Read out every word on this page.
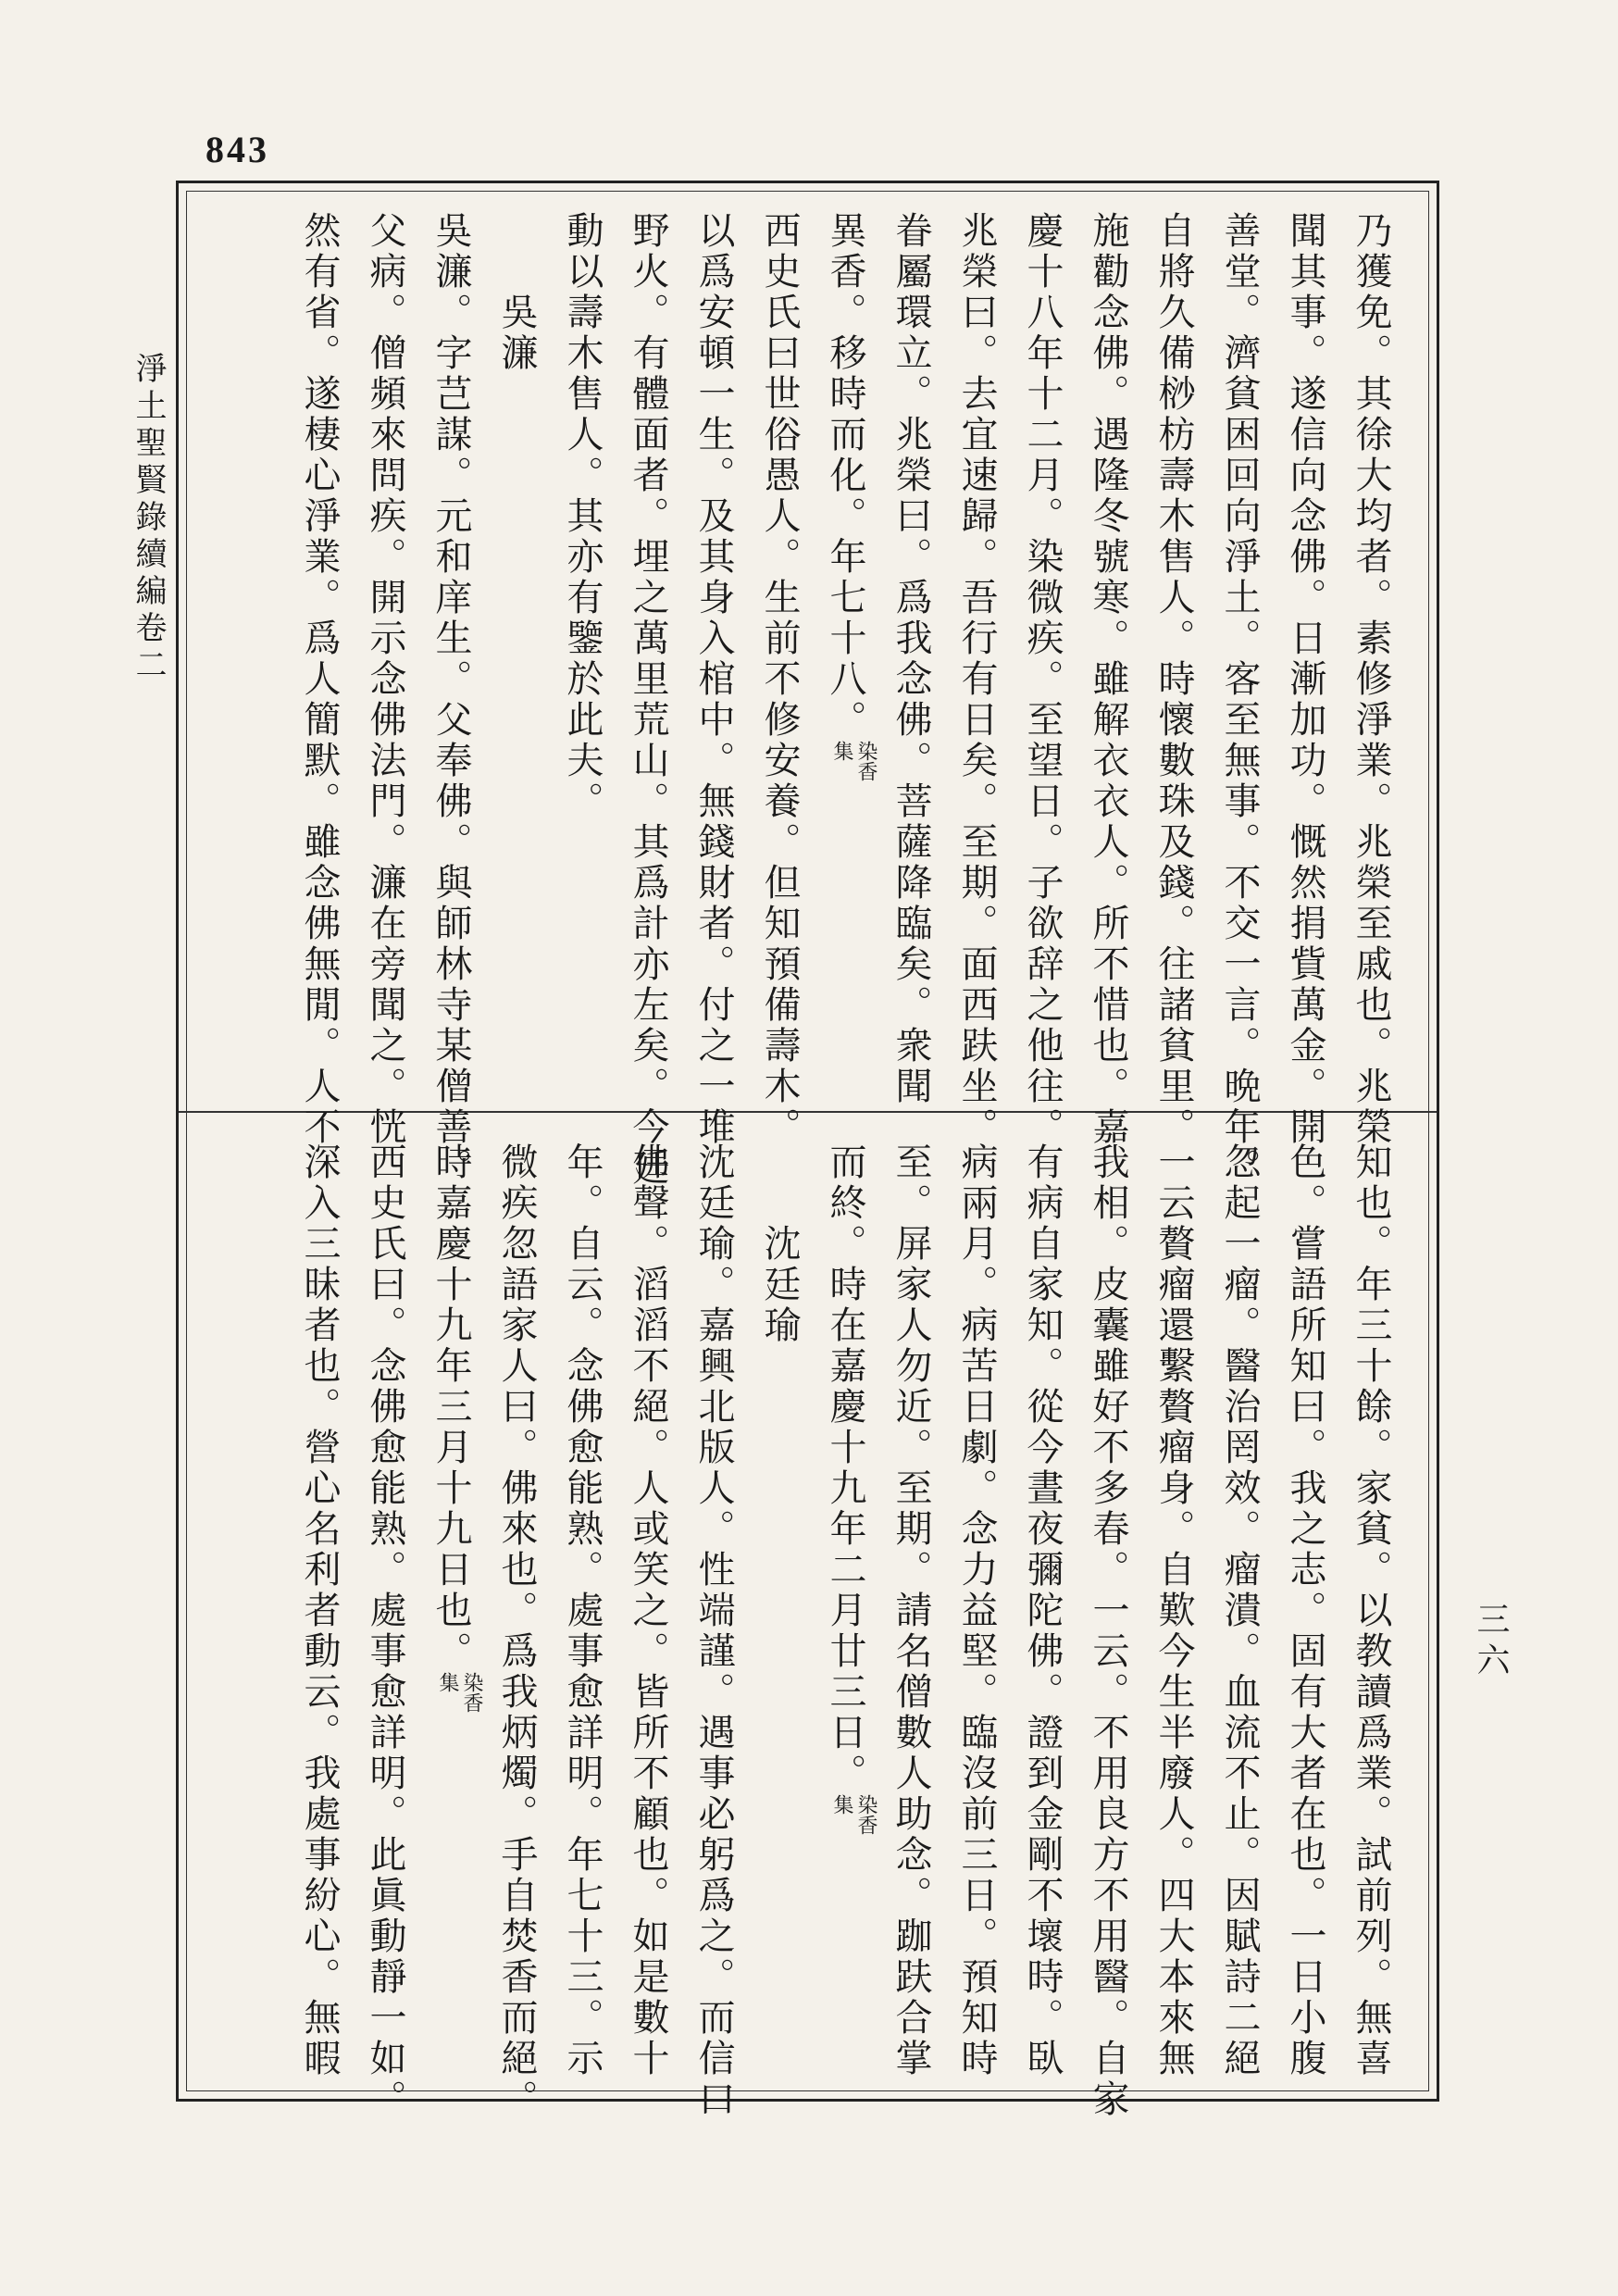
843
淨土聖賢錄續編卷二
三六
乃獲免。其徐大均者。素修淨業。兆榮至戚也。兆榮
聞其事。遂信向念佛。日漸加功。慨然捐貲萬金。開
善堂。濟貧困回向淨土。客至無事。不交一言。晩年。
自將久備桫枋壽木售人。時懷數珠及錢。往諸貧里。
施勸念佛。遇隆冬號寒。雖解衣衣人。所不惜也。嘉
慶十八年十二月。染微疾。至望日。子欲辞之他往。
兆榮曰。去宜速歸。吾行有日矣。至期。面西趺坐。
眷屬環立。兆榮曰。爲我念佛。菩薩降臨矣。衆聞
異香。移時而化。年七十八。
染香
集
西史氏曰世俗愚人。生前不修安養。但知預備壽木。
以爲安頓一生。及其身入棺中。無錢財者。付之一堆
野火。有體面者。埋之萬里荒山。其爲計亦左矣。今廷
動以壽木售人。其亦有鑒於此夫。
吳濂
吳濂。字芑謀。元和庠生。父奉佛。與師林寺某僧善。
父病。僧頻來問疾。開示念佛法門。濂在旁聞之。恍
然有省。遂棲心淨業。爲人簡默。雖念佛無閒。人不
知也。年三十餘。家貧。以教讀爲業。試前列。無喜
色。嘗語所知曰。我之志。固有大者在也。一日小腹
忽起一瘤。醫治罔效。瘤潰。血流不止。因賦詩二絕
一云贅瘤還繫贅瘤身。自歎今生半廢人。四大本來無
我相。皮囊雖好不多春。一云。不用良方不用醫。自家
有病自家知。從今晝夜彌陀佛。證到金剛不壞時。臥
病兩月。病苦日劇。念力益堅。臨沒前三日。預知時
至。屏家人勿近。至期。請名僧數人助念。跏趺合掌
而終。時在嘉慶十九年二月廿三日。
染香
集
沈廷瑜
沈廷瑜。嘉興北版人。性端謹。遇事必躬爲之。而信口
佛聲。滔滔不絕。人或笑之。皆所不顧也。如是數十
年。自云。念佛愈能熟。處事愈詳明。年七十三。示
微疾忽語家人曰。佛來也。爲我炳燭。手自焚香而絕。
時嘉慶十九年三月十九日也。
染香
集
西史氏曰。念佛愈能熟。處事愈詳明。此眞動靜一如。
深入三昧者也。營心名利者動云。我處事紛心。無暇
